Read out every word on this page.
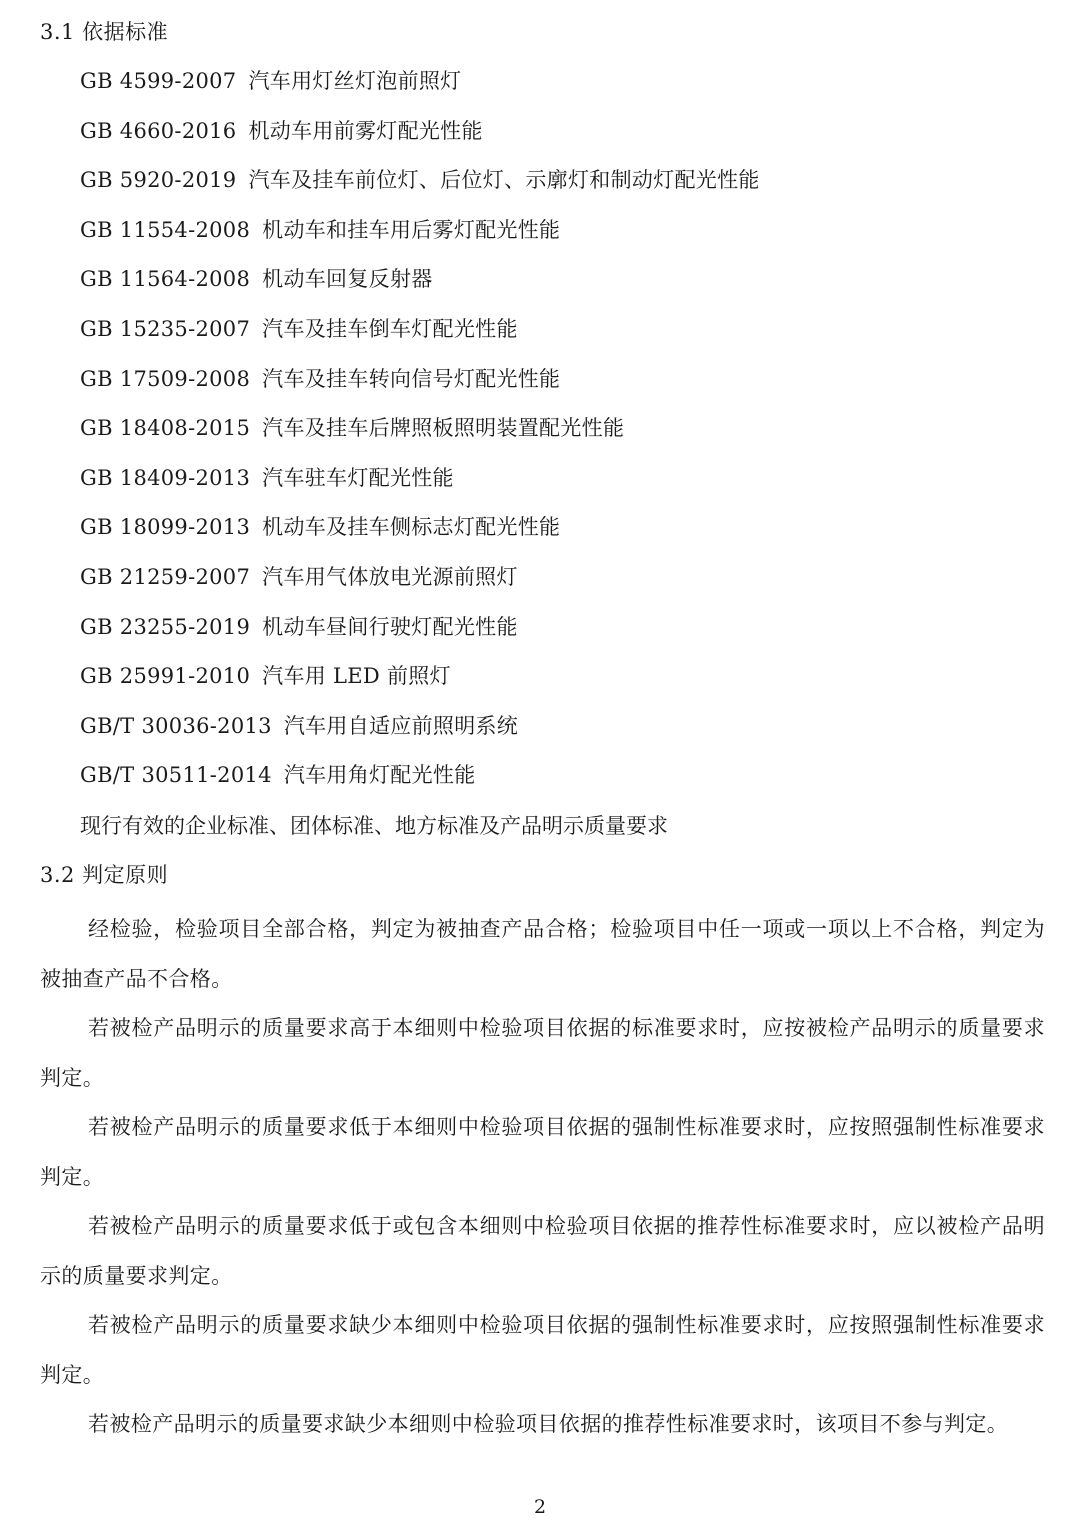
3.1 依据标准
GB 4599-2007 汽车用灯丝灯泡前照灯
GB 4660-2016 机动车用前雾灯配光性能
GB 5920-2019 汽车及挂车前位灯、后位灯、示廓灯和制动灯配光性能
GB 11554-2008 机动车和挂车用后雾灯配光性能
GB 11564-2008 机动车回复反射器
GB 15235-2007 汽车及挂车倒车灯配光性能
GB 17509-2008 汽车及挂车转向信号灯配光性能
GB 18408-2015 汽车及挂车后牌照板照明装置配光性能
GB 18409-2013 汽车驻车灯配光性能
GB 18099-2013 机动车及挂车侧标志灯配光性能
GB 21259-2007 汽车用气体放电光源前照灯
GB 23255-2019 机动车昼间行驶灯配光性能
GB 25991-2010 汽车用 LED 前照灯
GB/T 30036-2013 汽车用自适应前照明系统
GB/T 30511-2014 汽车用角灯配光性能
现行有效的企业标准、团体标准、地方标准及产品明示质量要求
3.2 判定原则

经检验，检验项目全部合格，判定为被抽查产品合格；检验项目中任一项或一项以上不合格，判定为被抽查产品不合格。

若被检产品明示的质量要求高于本细则中检验项目依据的标准要求时，应按被检产品明示的质量要求判定。

若被检产品明示的质量要求低于本细则中检验项目依据的强制性标准要求时，应按照强制性标准要求判定。

若被检产品明示的质量要求低于或包含本细则中检验项目依据的推荐性标准要求时，应以被检产品明示的质量要求判定。

若被检产品明示的质量要求缺少本细则中检验项目依据的强制性标准要求时，应按照强制性标准要求判定。

若被检产品明示的质量要求缺少本细则中检验项目依据的推荐性标准要求时，该项目不参与判定。

2
